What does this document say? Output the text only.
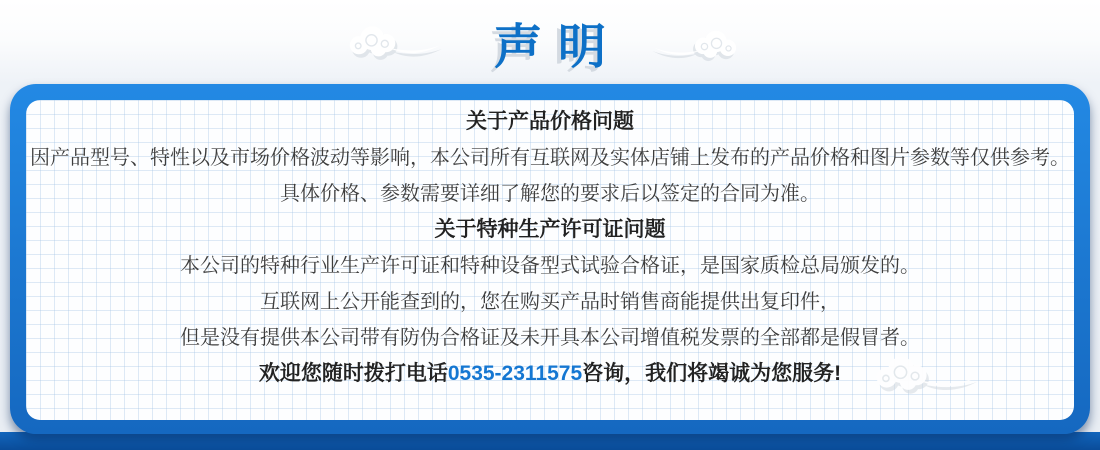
声明

关于产品价格问题

因产品型号、特性以及市场价格波动等影响，本公司所有互联网及实体店铺上发布的产品价格和图片参数等仅供参考。

具体价格、参数需要详细了解您的要求后以签定的合同为准。

关于特种生产许可证问题

本公司的特种行业生产许可证和特种设备型式试验合格证，是国家质检总局颁发的。

互联网上公开能查到的，您在购买产品时销售商能提供出复印件，

但是没有提供本公司带有防伪合格证及未开具本公司增值税发票的全部都是假冒者。

欢迎您随时拨打电话0535-2311575咨询，我们将竭诚为您服务!
